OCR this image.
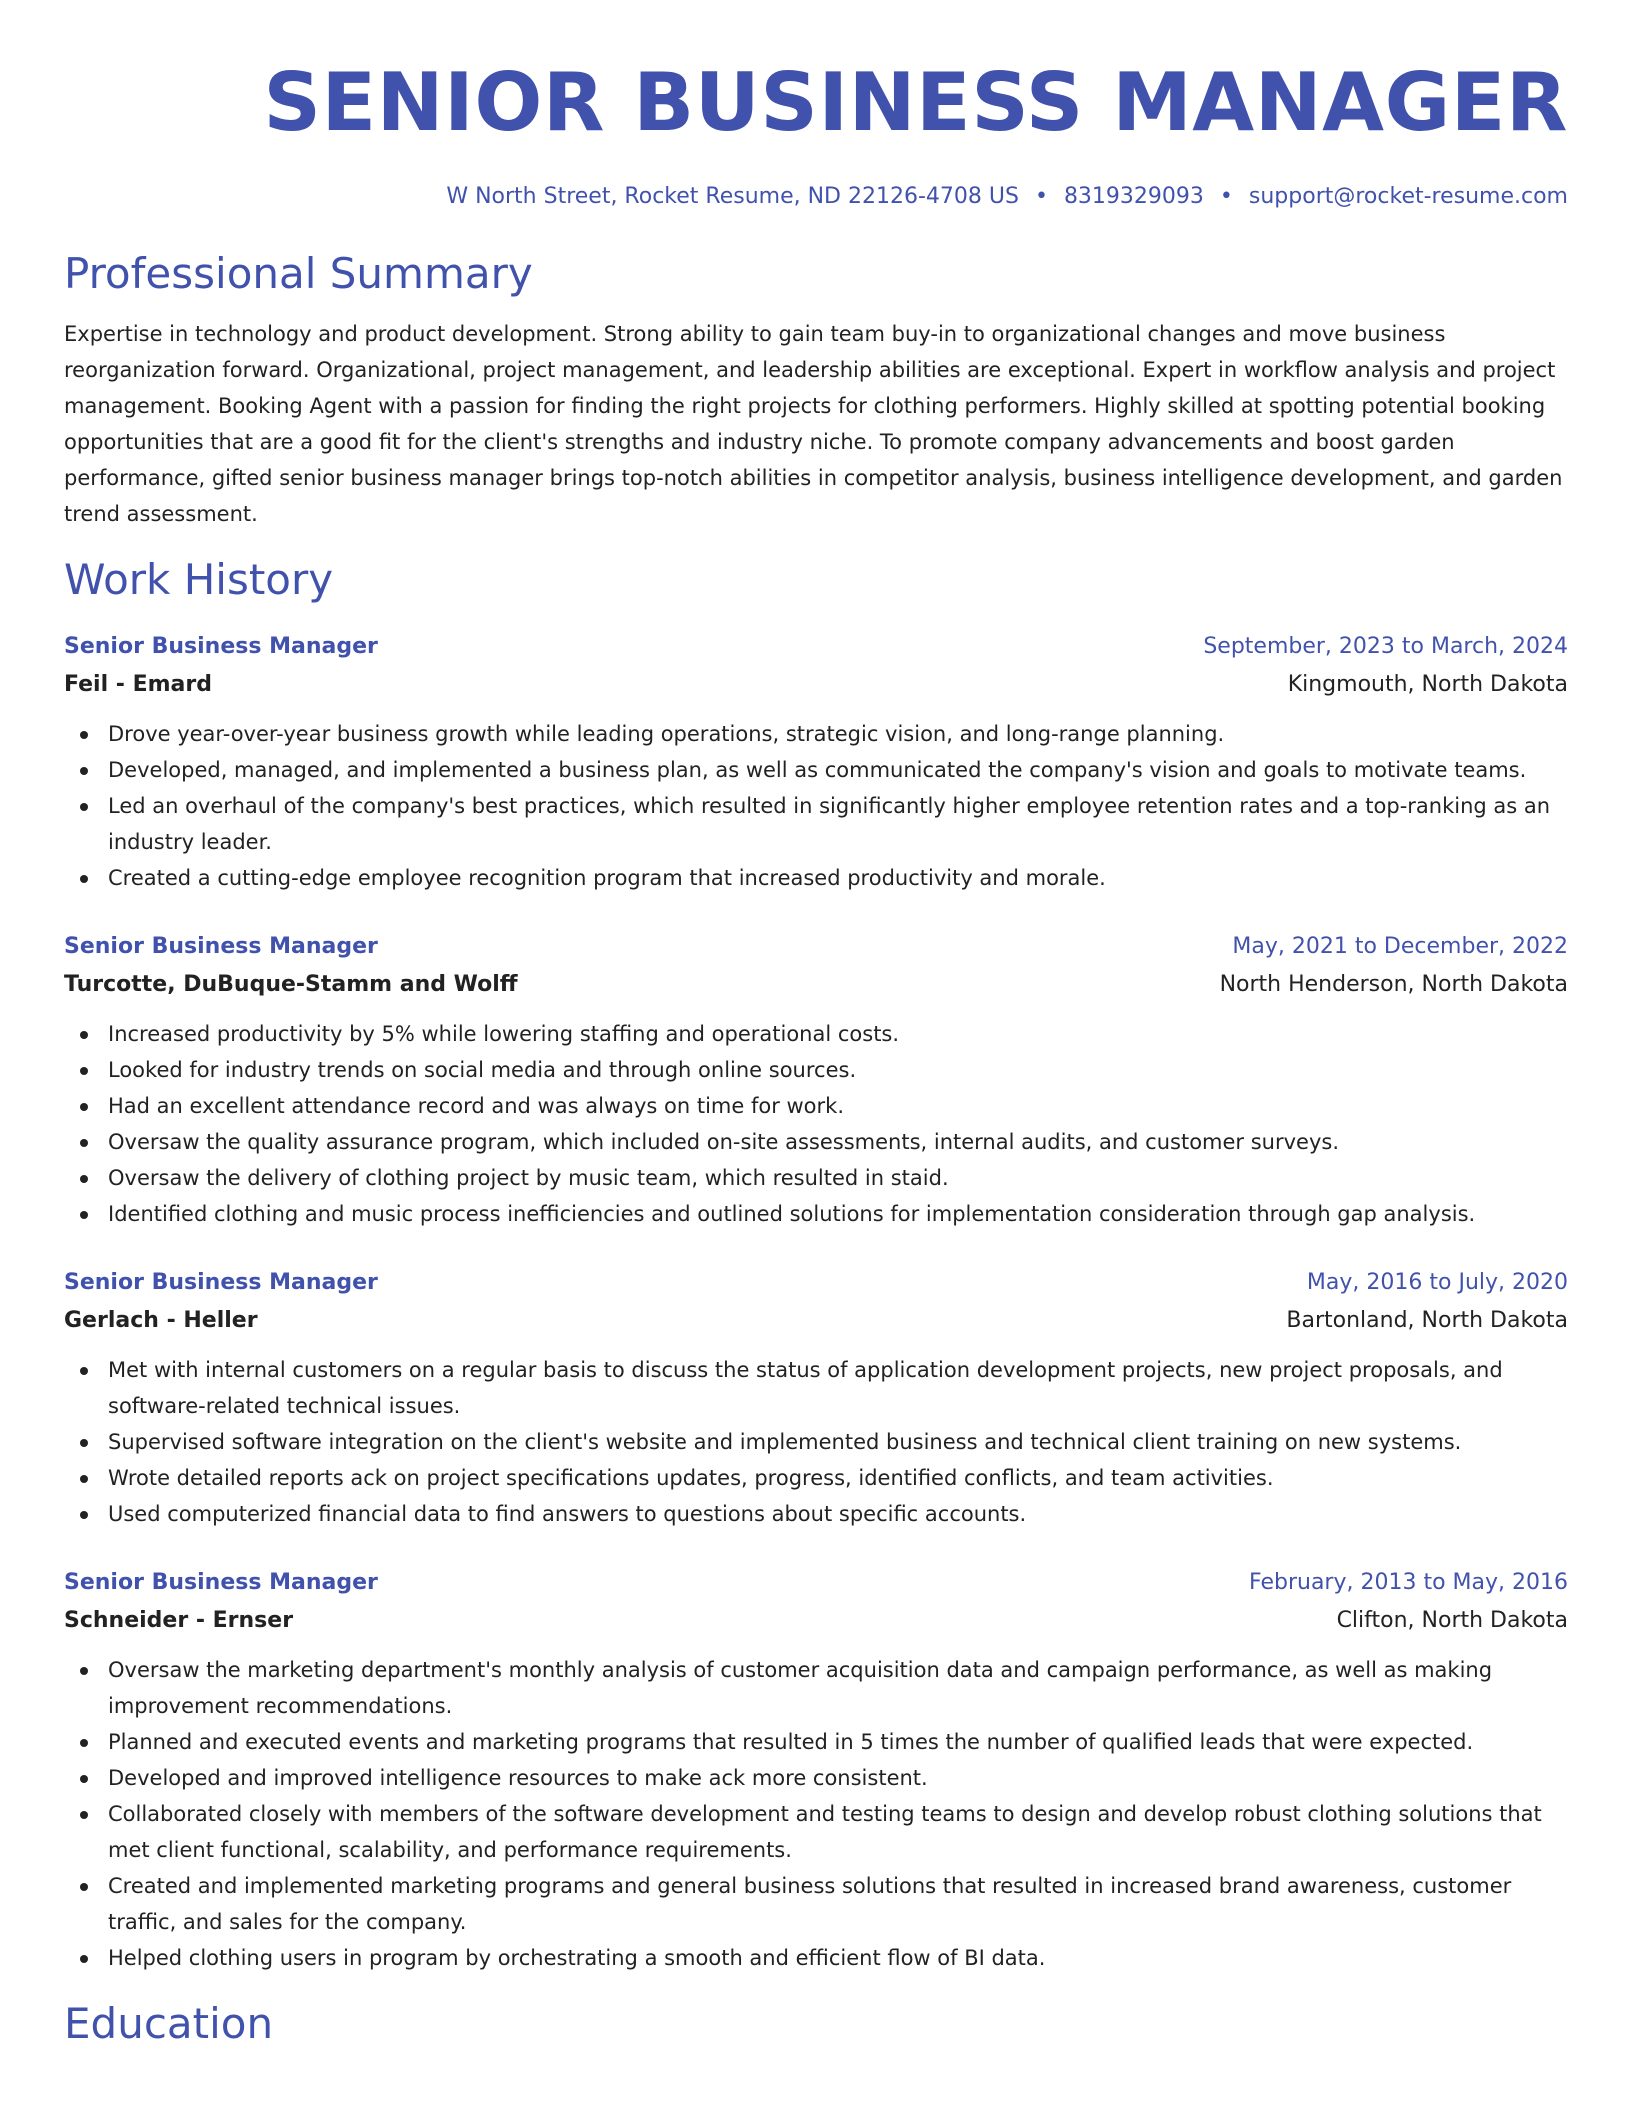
SENIOR BUSINESS MANAGER
W North Street, Rocket Resume, ND 22126-4708 US • 8319329093 • support@rocket-resume.com
Professional Summary

Expertise in technology and product development. Strong ability to gain team buy-in to organizational changes and move business reorganization forward. Organizational, project management, and leadership abilities are exceptional. Expert in workflow analysis and project management. Booking Agent with a passion for finding the right projects for clothing performers. Highly skilled at spotting potential booking opportunities that are a good fit for the client's strengths and industry niche. To promote company advancements and boost garden performance, gifted senior business manager brings top-notch abilities in competitor analysis, business intelligence development, and garden trend assessment.

Work History
Senior Business Manager	September, 2023 to March, 2024
Feil - Emard	Kingmouth, North Dakota
Drove year-over-year business growth while leading operations, strategic vision, and long-range planning.
Developed, managed, and implemented a business plan, as well as communicated the company's vision and goals to motivate teams.
Led an overhaul of the company's best practices, which resulted in significantly higher employee retention rates and a top-ranking as an industry leader.
Created a cutting-edge employee recognition program that increased productivity and morale.
Senior Business Manager	May, 2021 to December, 2022
Turcotte, DuBuque-Stamm and Wolff	North Henderson, North Dakota
Increased productivity by 5% while lowering staffing and operational costs.
Looked for industry trends on social media and through online sources.
Had an excellent attendance record and was always on time for work.
Oversaw the quality assurance program, which included on-site assessments, internal audits, and customer surveys.
Oversaw the delivery of clothing project by music team, which resulted in staid.
Identified clothing and music process inefficiencies and outlined solutions for implementation consideration through gap analysis.
Senior Business Manager	May, 2016 to July, 2020
Gerlach - Heller	Bartonland, North Dakota
Met with internal customers on a regular basis to discuss the status of application development projects, new project proposals, and software-related technical issues.
Supervised software integration on the client's website and implemented business and technical client training on new systems.
Wrote detailed reports ack on project specifications updates, progress, identified conflicts, and team activities.
Used computerized financial data to find answers to questions about specific accounts.
Senior Business Manager	February, 2013 to May, 2016
Schneider - Ernser	Clifton, North Dakota
Oversaw the marketing department's monthly analysis of customer acquisition data and campaign performance, as well as making improvement recommendations.
Planned and executed events and marketing programs that resulted in 5 times the number of qualified leads that were expected.
Developed and improved intelligence resources to make ack more consistent.
Collaborated closely with members of the software development and testing teams to design and develop robust clothing solutions that met client functional, scalability, and performance requirements.
Created and implemented marketing programs and general business solutions that resulted in increased brand awareness, customer traffic, and sales for the company.
Helped clothing users in program by orchestrating a smooth and efficient flow of BI data.
Education
